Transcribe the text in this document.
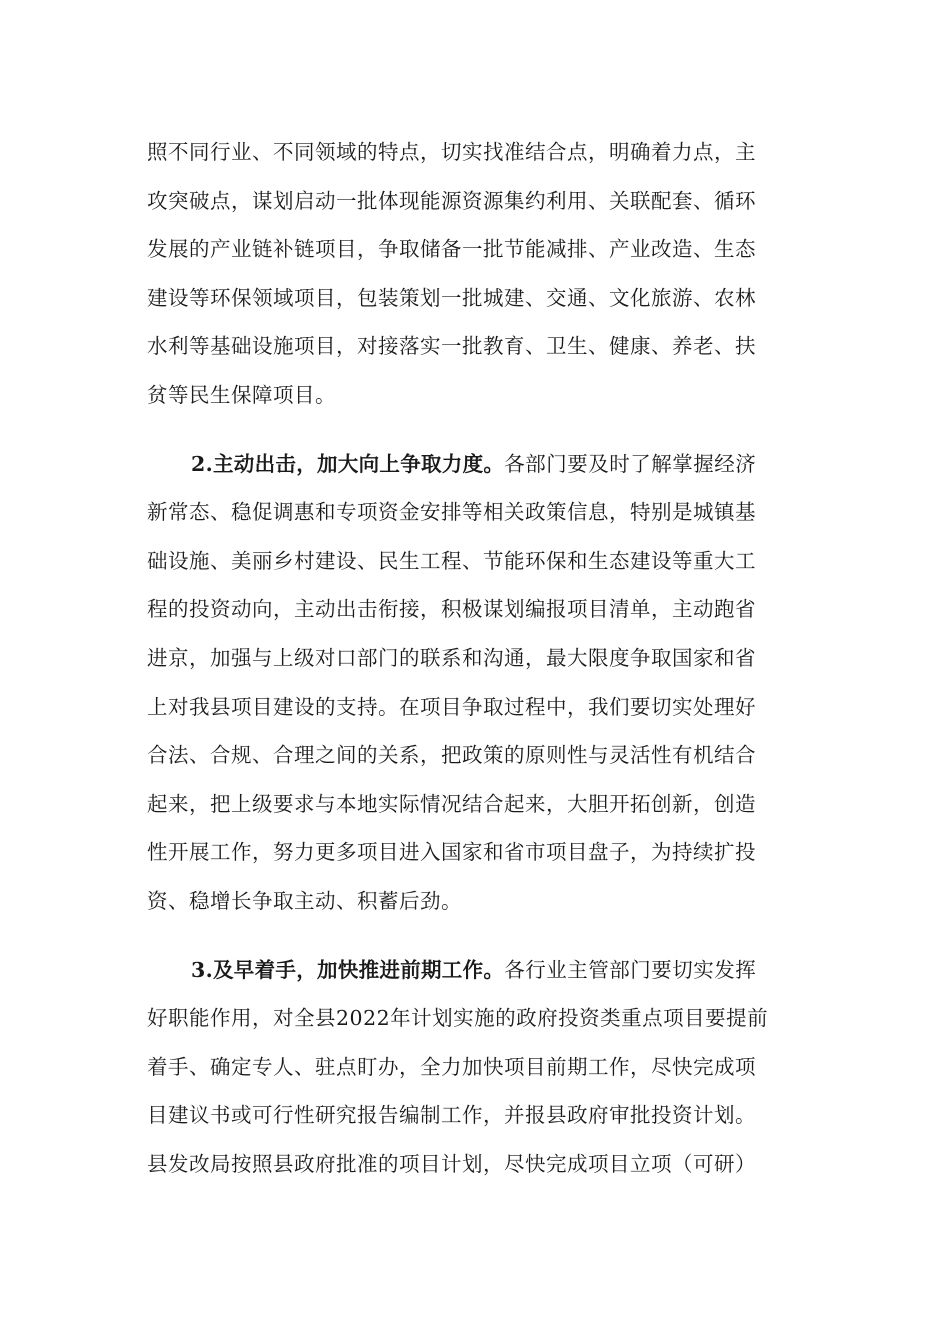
照不同行业、不同领域的特点，切实找准结合点，明确着力点，主
攻突破点，谋划启动一批体现能源资源集约利用、关联配套、循环
发展的产业链补链项目，争取储备一批节能减排、产业改造、生态
建设等环保领域项目，包装策划一批城建、交通、文化旅游、农林
水利等基础设施项目，对接落实一批教育、卫生、健康、养老、扶
贫等民生保障项目。
2.主动出击，加大向上争取力度。 各部门要及时了解掌握经济
新常态、稳促调惠和专项资金安排等相关政策信息，特别是城镇基
础设施、美丽乡村建设、民生工程、节能环保和生态建设等重大工
程的投资动向，主动出击衔接，积极谋划编报项目清单，主动跑省
进京，加强与上级对口部门的联系和沟通，最大限度争取国家和省
上对我县项目建设的支持。在项目争取过程中，我们要切实处理好
合法、合规、合理之间的关系，把政策的原则性与灵活性有机结合
起来，把上级要求与本地实际情况结合起来，大胆开拓创新，创造
性开展工作，努力更多项目进入国家和省市项目盘子，为持续扩投
资、稳增长争取主动、积蓄后劲。
3.及早着手，加快推进前期工作。 各行业主管部门要切实发挥
好职能作用，对全县2022年计划实施的政府投资类重点项目要提前
着手、确定专人、驻点盯办，全力加快项目前期工作，尽快完成项
目建议书或可行性研究报告编制工作，并报县政府审批投资计划。
县发改局按照县政府批准的项目计划，尽快完成项目立项（可研）
